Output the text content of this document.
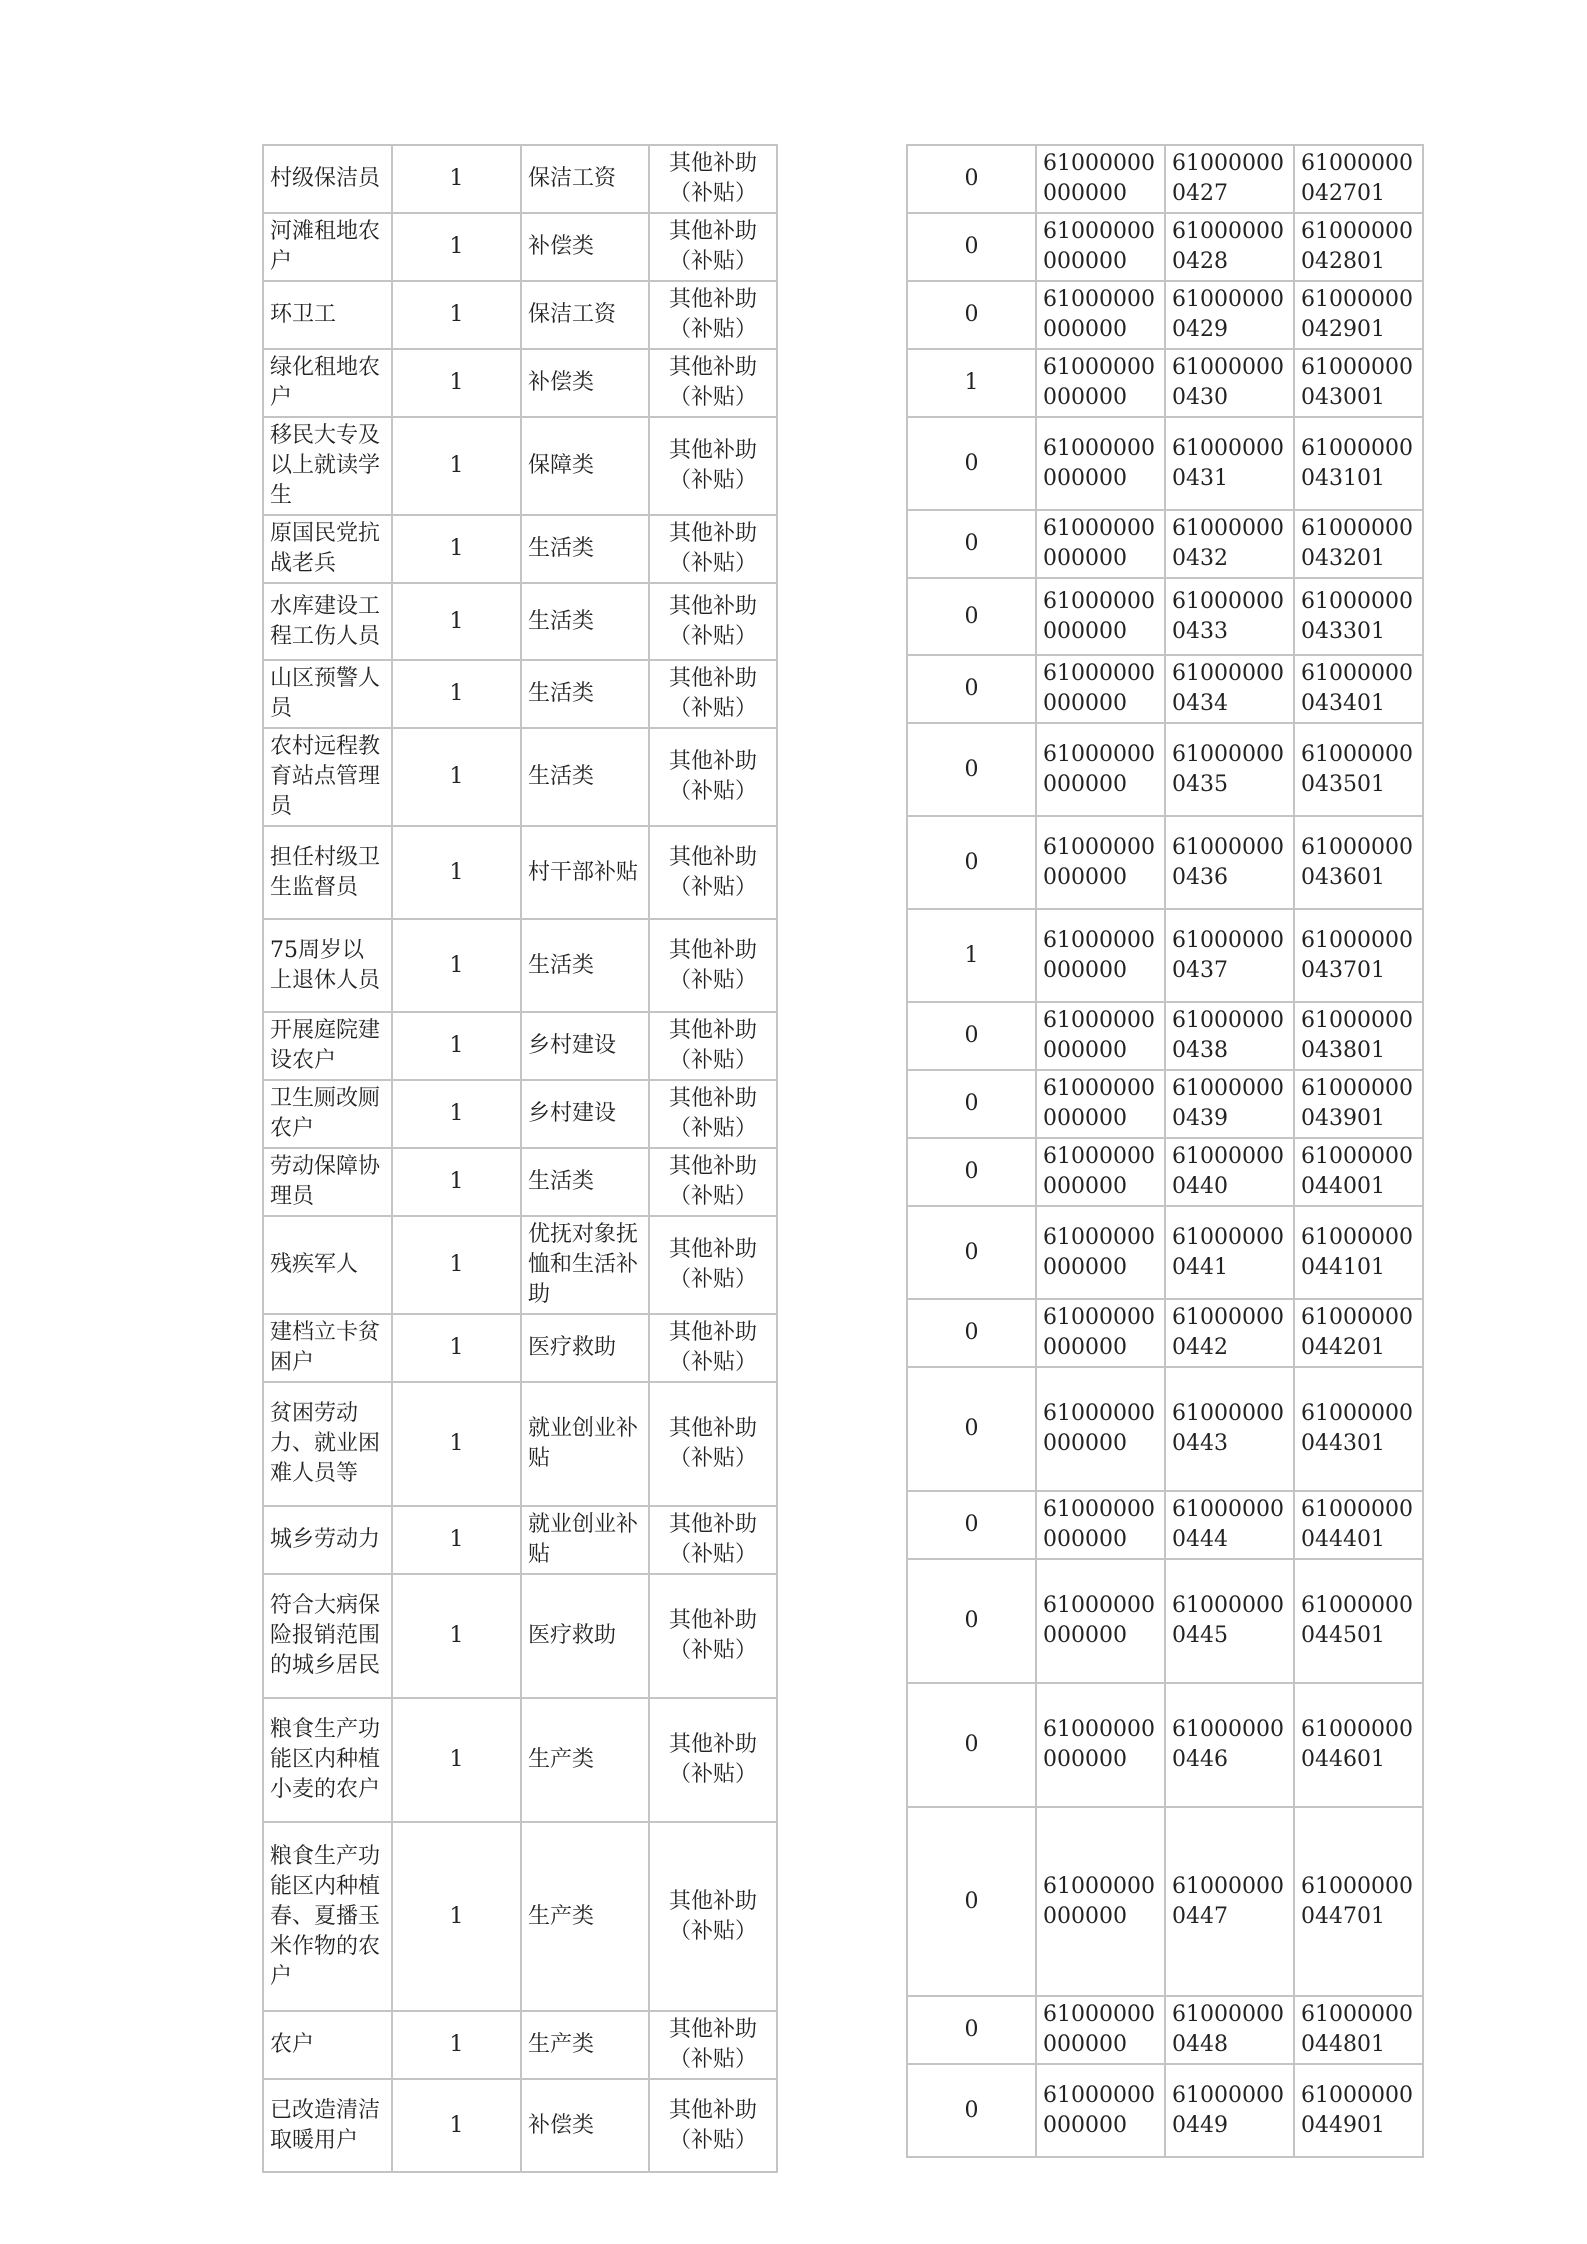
村级保洁员	1	保洁工资	其他补助（补贴）
河滩租地农户	1	补偿类	其他补助（补贴）
环卫工	1	保洁工资	其他补助（补贴）
绿化租地农户	1	补偿类	其他补助（补贴）
移民大专及以上就读学生	1	保障类	其他补助（补贴）
原国民党抗战老兵	1	生活类	其他补助（补贴）
水库建设工程工伤人员	1	生活类	其他补助（补贴）
山区预警人员	1	生活类	其他补助（补贴）
农村远程教育站点管理员	1	生活类	其他补助（补贴）
担任村级卫生监督员	1	村干部补贴	其他补助（补贴）
75周岁以上退休人员	1	生活类	其他补助（补贴）
开展庭院建设农户	1	乡村建设	其他补助（补贴）
卫生厕改厕农户	1	乡村建设	其他补助（补贴）
劳动保障协理员	1	生活类	其他补助（补贴）
残疾军人	1	优抚对象抚恤和生活补助	其他补助（补贴）
建档立卡贫困户	1	医疗救助	其他补助（补贴）
贫困劳动力、就业困难人员等	1	就业创业补贴	其他补助（补贴）
城乡劳动力	1	就业创业补贴	其他补助（补贴）
符合大病保险报销范围的城乡居民	1	医疗救助	其他补助（补贴）
粮食生产功能区内种植小麦的农户	1	生产类	其他补助（补贴）
粮食生产功能区内种植春、夏播玉米作物的农户	1	生产类	其他补助（补贴）
农户	1	生产类	其他补助（补贴）
已改造清洁取暖用户	1	补偿类	其他补助（补贴）
0	61000000000000	610000000427	61000000042701
0	61000000000000	610000000428	61000000042801
0	61000000000000	610000000429	61000000042901
1	61000000000000	610000000430	61000000043001
0	61000000000000	610000000431	61000000043101
0	61000000000000	610000000432	61000000043201
0	61000000000000	610000000433	61000000043301
0	61000000000000	610000000434	61000000043401
0	61000000000000	610000000435	61000000043501
0	61000000000000	610000000436	61000000043601
1	61000000000000	610000000437	61000000043701
0	61000000000000	610000000438	61000000043801
0	61000000000000	610000000439	61000000043901
0	61000000000000	610000000440	61000000044001
0	61000000000000	610000000441	61000000044101
0	61000000000000	610000000442	61000000044201
0	61000000000000	610000000443	61000000044301
0	61000000000000	610000000444	61000000044401
0	61000000000000	610000000445	61000000044501
0	61000000000000	610000000446	61000000044601
0	61000000000000	610000000447	61000000044701
0	61000000000000	610000000448	61000000044801
0	61000000000000	610000000449	61000000044901
